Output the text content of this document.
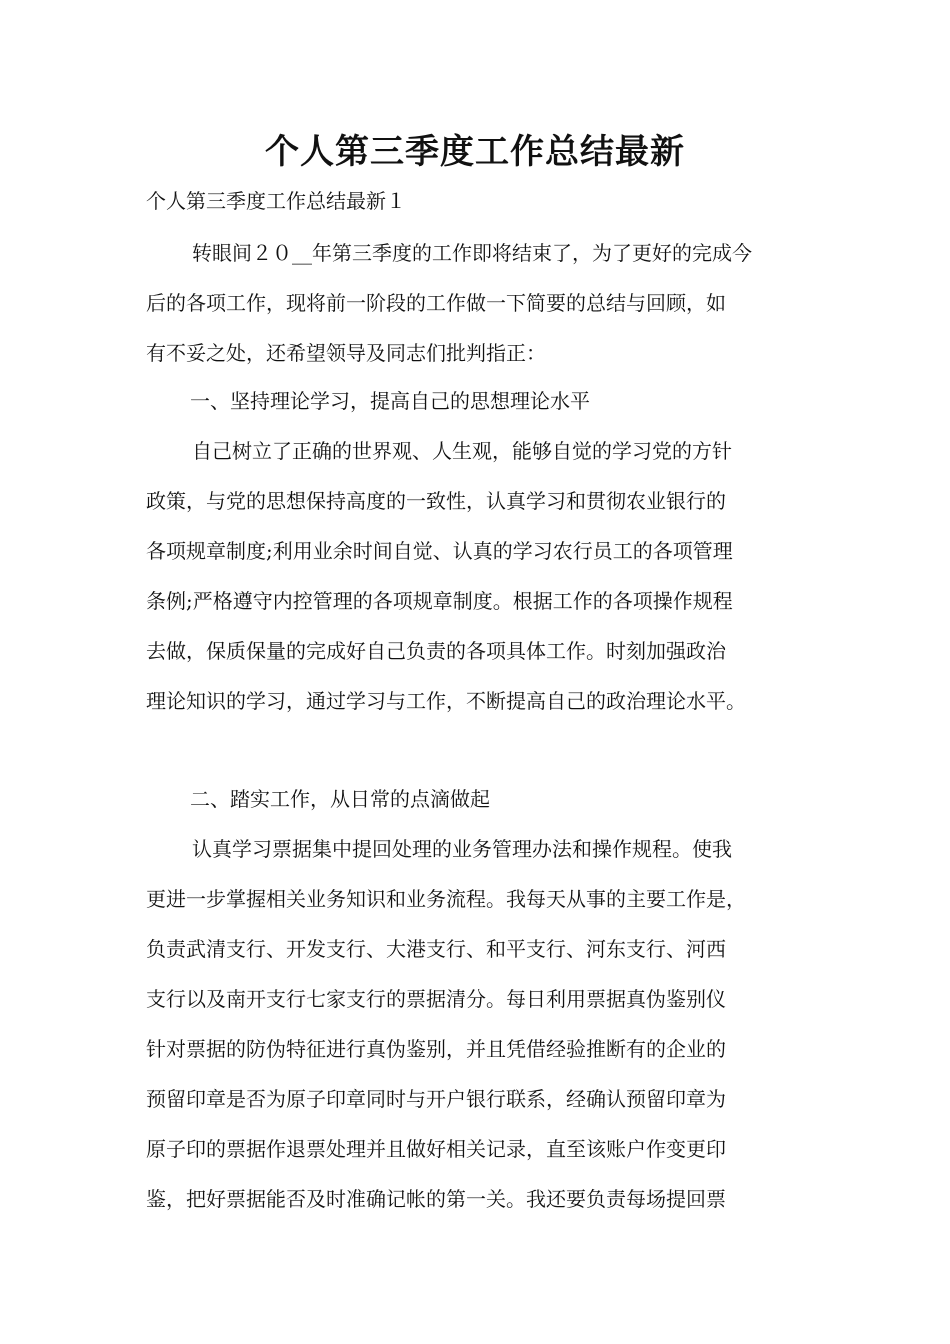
个人第三季度工作总结最新

个人第三季度工作总结最新１

转眼间２０__年第三季度的工作即将结束了，为了更好的完成今

后的各项工作，现将前一阶段的工作做一下简要的总结与回顾，如

有不妥之处，还希望领导及同志们批判指正：

一、坚持理论学习，提高自己的思想理论水平

自己树立了正确的世界观、人生观，能够自觉的学习党的方针

政策，与党的思想保持高度的一致性，认真学习和贯彻农业银行的

各项规章制度;利用业余时间自觉、认真的学习农行员工的各项管理

条例;严格遵守内控管理的各项规章制度。根据工作的各项操作规程

去做，保质保量的完成好自己负责的各项具体工作。时刻加强政治

理论知识的学习，通过学习与工作，不断提高自己的政治理论水平。

二、踏实工作，从日常的点滴做起

认真学习票据集中提回处理的业务管理办法和操作规程。使我

更进一步掌握相关业务知识和业务流程。我每天从事的主要工作是，

负责武清支行、开发支行、大港支行、和平支行、河东支行、河西

支行以及南开支行七家支行的票据清分。每日利用票据真伪鉴别仪

针对票据的防伪特征进行真伪鉴别，并且凭借经验推断有的企业的

预留印章是否为原子印章同时与开户银行联系，经确认预留印章为

原子印的票据作退票处理并且做好相关记录，直至该账户作变更印

鉴，把好票据能否及时准确记帐的第一关。我还要负责每场提回票
